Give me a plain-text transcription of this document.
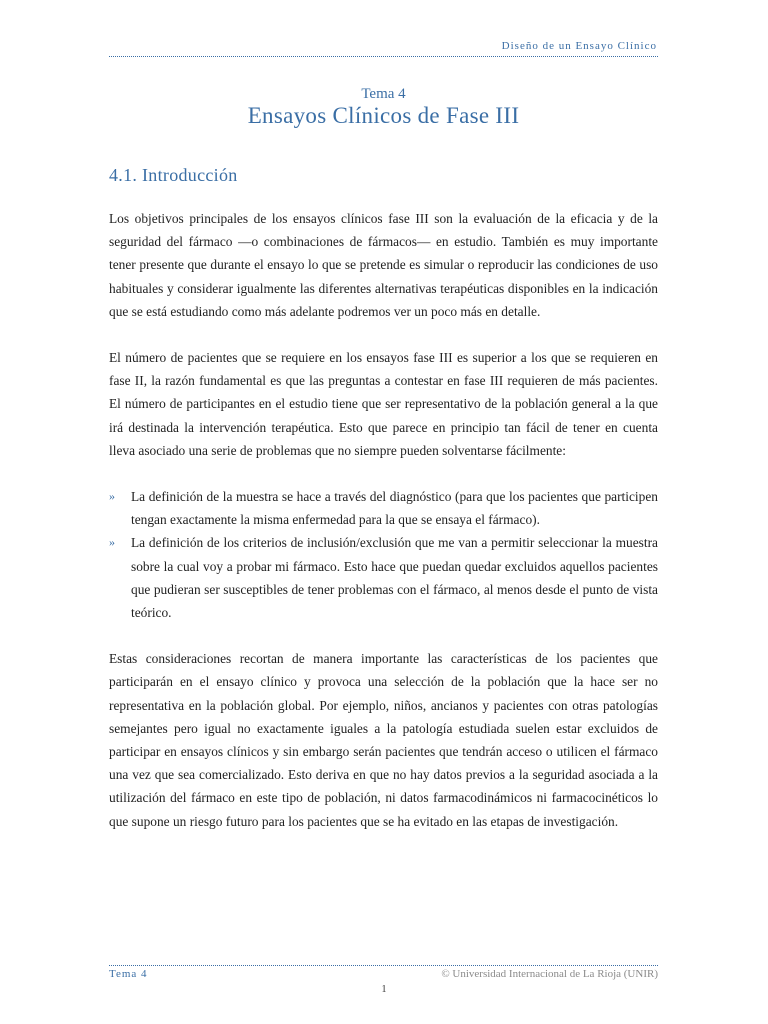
Diseño de un Ensayo Clínico
Tema 4
Ensayos Clínicos de Fase III
4.1. Introducción

Los objetivos principales de los ensayos clínicos fase III son la evaluación de la eficacia y de la seguridad del fármaco —o combinaciones de fármacos— en estudio. También es muy importante tener presente que durante el ensayo lo que se pretende es simular o reproducir las condiciones de uso habituales y considerar igualmente las diferentes alternativas terapéuticas disponibles en la indicación que se está estudiando como más adelante podremos ver un poco más en detalle.

El número de pacientes que se requiere en los ensayos fase III es superior a los que se requieren en fase II, la razón fundamental es que las preguntas a contestar en fase III requieren de más pacientes. El número de participantes en el estudio tiene que ser representativo de la población general a la que irá destinada la intervención terapéutica. Esto que parece en principio tan fácil de tener en cuenta lleva asociado una serie de problemas que no siempre pueden solventarse fácilmente:

» La definición de la muestra se hace a través del diagnóstico (para que los pacientes que participen tengan exactamente la misma enfermedad para la que se ensaya el fármaco).
» La definición de los criterios de inclusión/exclusión que me van a permitir seleccionar la muestra sobre la cual voy a probar mi fármaco. Esto hace que puedan quedar excluidos aquellos pacientes que pudieran ser susceptibles de tener problemas con el fármaco, al menos desde el punto de vista teórico.

Estas consideraciones recortan de manera importante las características de los pacientes que participarán en el ensayo clínico y provoca una selección de la población que la hace ser no representativa en la población global. Por ejemplo, niños, ancianos y pacientes con otras patologías semejantes pero igual no exactamente iguales a la patología estudiada suelen estar excluidos de participar en ensayos clínicos y sin embargo serán pacientes que tendrán acceso o utilicen el fármaco una vez que sea comercializado. Esto deriva en que no hay datos previos a la seguridad asociada a la utilización del fármaco en este tipo de población, ni datos farmacodinámicos ni farmacocinéticos lo que supone un riesgo futuro para los pacientes que se ha evitado en las etapas de investigación.

Tema 4	© Universidad Internacional de La Rioja (UNIR)
1
